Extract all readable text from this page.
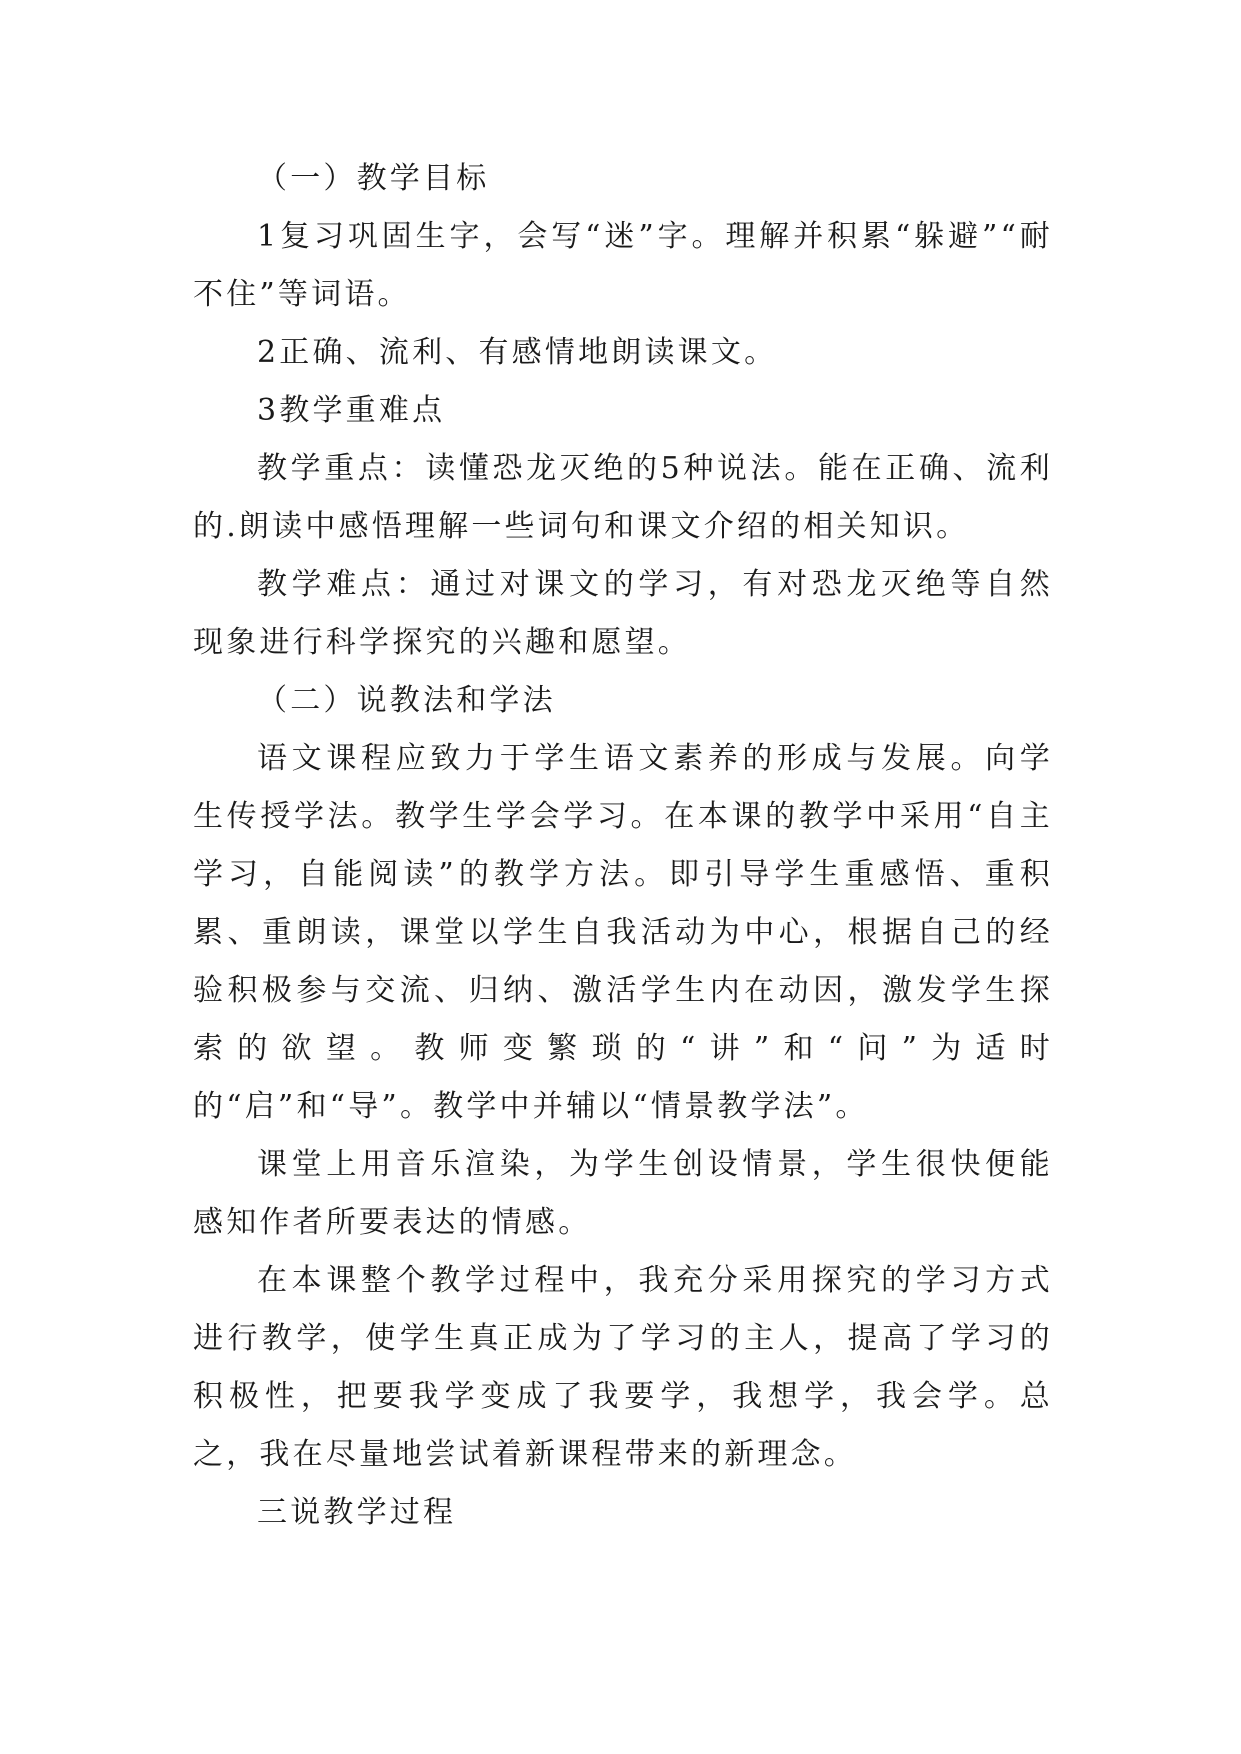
（一）教学目标

1复习巩固生字，会写“迷”字。理解并积累“躲避”“耐不住”等词语。

2正确、流利、有感情地朗读课文。

3教学重难点

教学重点：读懂恐龙灭绝的5种说法。能在正确、流利的.朗读中感悟理解一些词句和课文介绍的相关知识。

教学难点：通过对课文的学习，有对恐龙灭绝等自然现象进行科学探究的兴趣和愿望。

（二）说教法和学法

语文课程应致力于学生语文素养的形成与发展。向学生传授学法。教学生学会学习。在本课的教学中采用“自主学习，自能阅读”的教学方法。即引导学生重感悟、重积累、重朗读，课堂以学生自我活动为中心，根据自己的经验积极参与交流、归纳、激活学生内在动因，激发学生探索的欲望。教师变繁琐的“讲”和“问”为适时的“启”和“导”。教学中并辅以“情景教学法”。

课堂上用音乐渲染，为学生创设情景，学生很快便能感知作者所要表达的情感。

在本课整个教学过程中，我充分采用探究的学习方式进行教学，使学生真正成为了学习的主人，提高了学习的积极性，把要我学变成了我要学，我想学，我会学。总之，我在尽量地尝试着新课程带来的新理念。

三说教学过程
